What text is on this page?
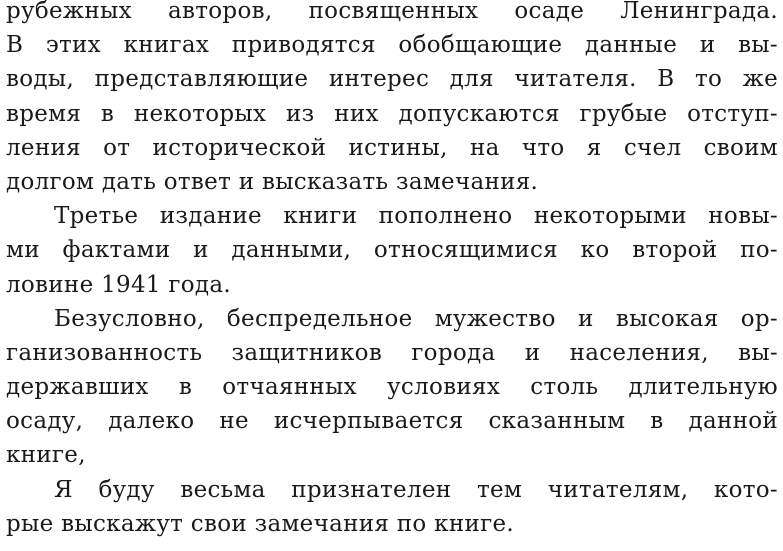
рубежных авторов, посвященных осаде Ленинграда.
В этих книгах приводятся обобщающие данные и вы-
воды, представляющие интерес для читателя. В то же
время в некоторых из них допускаются грубые отступ-
ления от исторической истины, на что я счел своим
долгом дать ответ и высказать замечания.
Третье издание книги пополнено некоторыми новы-
ми фактами и данными, относящимися ко второй по-
ловине 1941 года.
Безусловно, беспредельное мужество и высокая ор-
ганизованность защитников города и населения, вы-
державших в отчаянных условиях столь длительную
осаду, далеко не исчерпывается сказанным в данной
книге,
Я буду весьма признателен тем читателям, кото-
рые выскажут свои замечания по книге.
